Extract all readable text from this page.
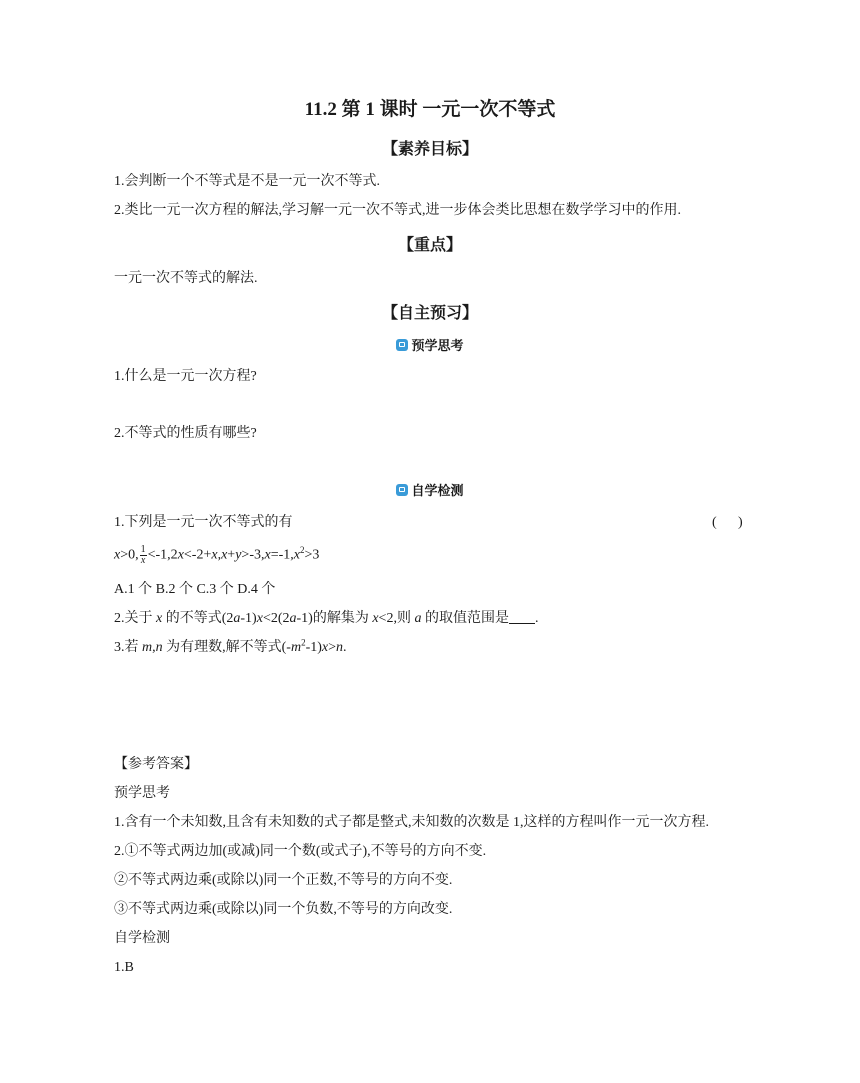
11.2 第 1 课时 一元一次不等式
【素养目标】
1.会判断一个不等式是不是一元一次不等式.
2.类比一元一次方程的解法,学习解一元一次不等式,进一步体会类比思想在数学学习中的作用.
【重点】
一元一次不等式的解法.
【自主预习】
预学思考
1.什么是一元一次方程?
2.不等式的性质有哪些?
自学检测
1.下列是一元一次不等式的有	( )
x>0, $\frac{1}{x} <-1,2x<-2+x,x+y>-3,x=-1,x^2>3$
A.1 个 B.2 个 C.3 个 D.4 个
2.关于 x 的不等式(2a-1)x<2(2a-1)的解集为 x<2,则 a 的取值范围是 .
3.若 m,n 为有理数,解不等式$(-m^2-1)x>n$.
【参考答案】
预学思考
1.含有一个未知数,且含有未知数的式子都是整式,未知数的次数是 1,这样的方程叫作一元一次方程.
2.①不等式两边加(或减)同一个数(或式子),不等号的方向不变.
②不等式两边乘(或除以)同一个正数,不等号的方向不变.
③不等式两边乘(或除以)同一个负数,不等号的方向改变.
自学检测
1.B
